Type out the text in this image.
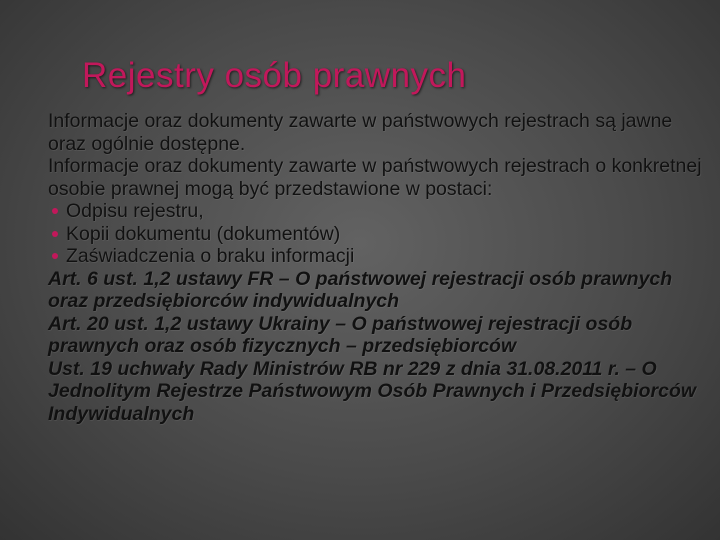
Rejestry osób prawnych

Informacje oraz dokumenty zawarte w państwowych rejestrach są jawne oraz ogólnie dostępne.

Informacje oraz dokumenty zawarte w państwowych rejestrach o konkretnej osobie prawnej mogą być przedstawione w postaci:

Odpisu rejestru,
Kopii dokumentu (dokumentów)
Zaświadczenia o braku informacji

Art. 6 ust. 1,2 ustawy FR – O państwowej rejestracji osób prawnych oraz przedsiębiorców indywidualnych

Art. 20 ust. 1,2 ustawy Ukrainy – O państwowej rejestracji osób prawnych oraz osób fizycznych – przedsiębiorców

Ust. 19 uchwały Rady Ministrów RB nr 229 z dnia 31.08.2011 r. – O Jednolitym Rejestrze Państwowym Osób Prawnych i Przedsiębiorców Indywidualnych
